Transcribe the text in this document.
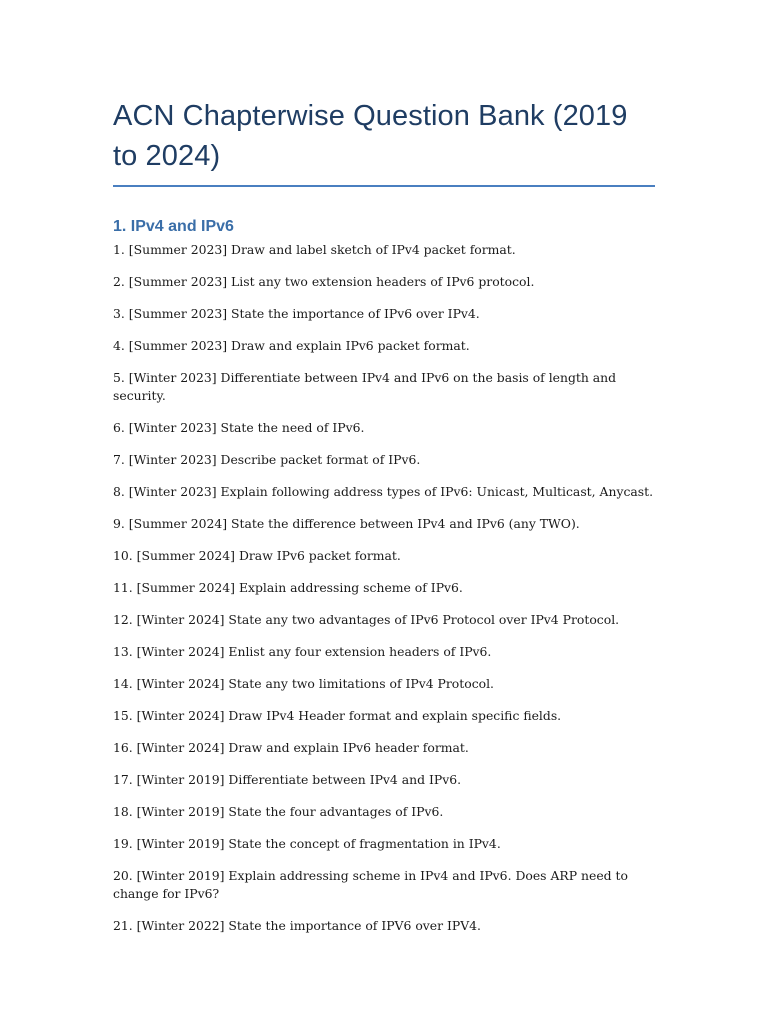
ACN Chapterwise Question Bank (2019 to 2024)
1. IPv4 and IPv6
1. [Summer 2023] Draw and label sketch of IPv4 packet format.
2. [Summer 2023] List any two extension headers of IPv6 protocol.
3. [Summer 2023] State the importance of IPv6 over IPv4.
4. [Summer 2023] Draw and explain IPv6 packet format.
5. [Winter 2023] Differentiate between IPv4 and IPv6 on the basis of length and security.
6. [Winter 2023] State the need of IPv6.
7. [Winter 2023] Describe packet format of IPv6.
8. [Winter 2023] Explain following address types of IPv6: Unicast, Multicast, Anycast.
9. [Summer 2024] State the difference between IPv4 and IPv6 (any TWO).
10. [Summer 2024] Draw IPv6 packet format.
11. [Summer 2024] Explain addressing scheme of IPv6.
12. [Winter 2024] State any two advantages of IPv6 Protocol over IPv4 Protocol.
13. [Winter 2024] Enlist any four extension headers of IPv6.
14. [Winter 2024] State any two limitations of IPv4 Protocol.
15. [Winter 2024] Draw IPv4 Header format and explain specific fields.
16. [Winter 2024] Draw and explain IPv6 header format.
17. [Winter 2019] Differentiate between IPv4 and IPv6.
18. [Winter 2019] State the four advantages of IPv6.
19. [Winter 2019] State the concept of fragmentation in IPv4.
20. [Winter 2019] Explain addressing scheme in IPv4 and IPv6. Does ARP need to change for IPv6?
21. [Winter 2022] State the importance of IPV6 over IPV4.
